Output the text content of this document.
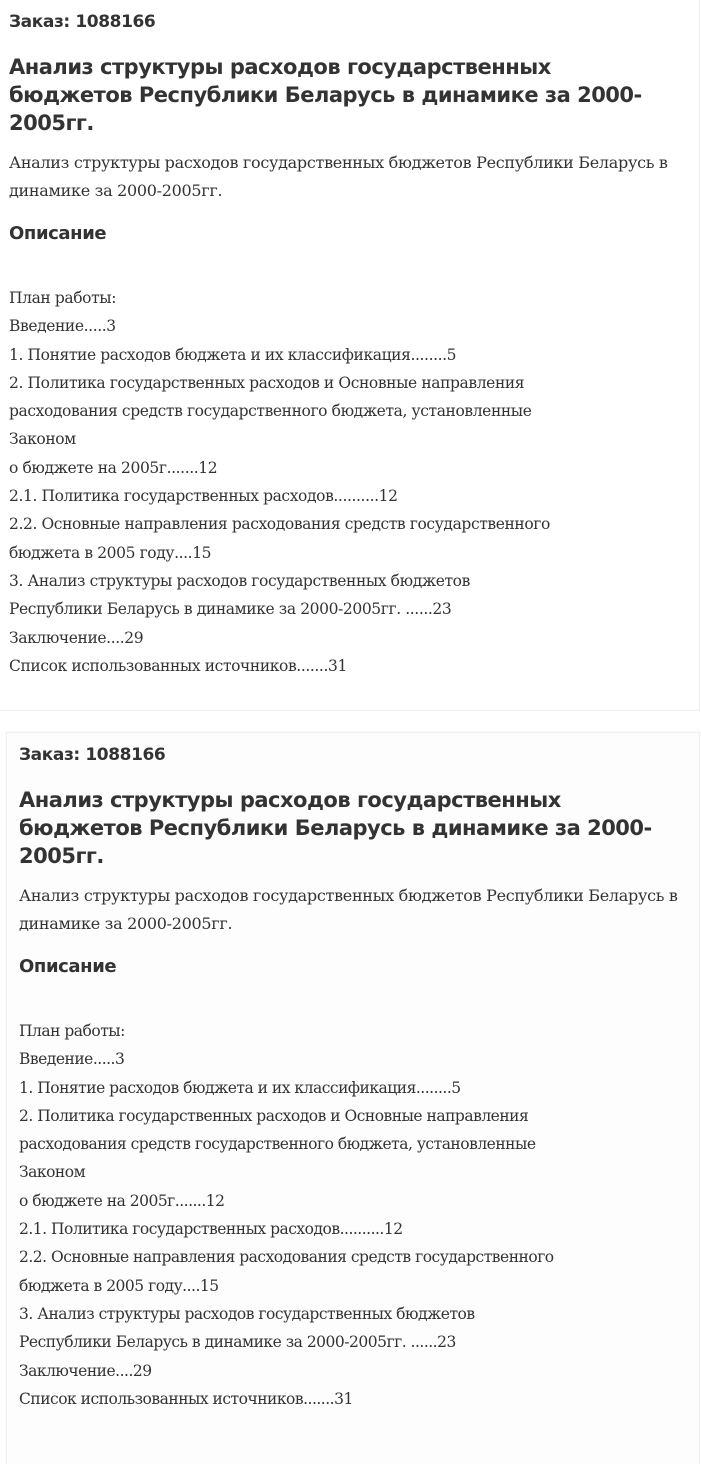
Заказ: 1088166
Анализ структуры расходов государственных бюджетов Республики Беларусь в динамике за 2000-2005гг.

Анализ структуры расходов государственных бюджетов Республики Беларусь в динамике за 2000-2005гг.

Описание
План работы:
Введение.....3
1. Понятие расходов бюджета и их классификация........5
2. Политика государственных расходов и Основные направления
расходования средств государственного бюджета, установленные
Законом
о бюджете на 2005г.......12
2.1. Политика государственных расходов..........12
2.2. Основные направления расходования средств государственного
бюджета в 2005 году....15
3. Анализ структуры расходов государственных бюджетов
Республики Беларусь в динамике за 2000-2005гг. ......23
Заключение....29
Список использованных источников.......31
Заказ: 1088166
Анализ структуры расходов государственных бюджетов Республики Беларусь в динамике за 2000-2005гг.

Анализ структуры расходов государственных бюджетов Республики Беларусь в динамике за 2000-2005гг.

Описание
План работы:
Введение.....3
1. Понятие расходов бюджета и их классификация........5
2. Политика государственных расходов и Основные направления
расходования средств государственного бюджета, установленные
Законом
о бюджете на 2005г.......12
2.1. Политика государственных расходов..........12
2.2. Основные направления расходования средств государственного
бюджета в 2005 году....15
3. Анализ структуры расходов государственных бюджетов
Республики Беларусь в динамике за 2000-2005гг. ......23
Заключение....29
Список использованных источников.......31
